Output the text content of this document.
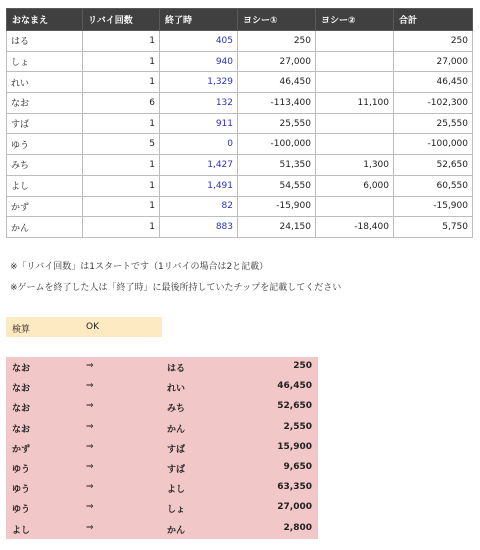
おなまえ	リバイ回数	終了時	ヨシー①	ヨシー②	合計
はる	1	405	250		250
しょ	1	940	27,000		27,000
れい	1	1,329	46,450		46,450
なお	6	132	-113,400	11,100	-102,300
すば	1	911	25,550		25,550
ゆう	5	0	-100,000		-100,000
みち	1	1,427	51,350	1,300	52,650
よし	1	1,491	54,550	6,000	60,550
かず	1	82	-15,900		-15,900
かん	1	883	24,150	-18,400	5,750
※「リバイ回数」は1スタートです（1リバイの場合は2と記載）
※ゲームを終了した人は「終了時」に最後所持していたチップを記載してください
検算	OK
なお	⇒	はる	250
なお	⇒	れい	46,450
なお	⇒	みち	52,650
なお	⇒	かん	2,550
かず	⇒	すば	15,900
ゆう	⇒	すば	9,650
ゆう	⇒	よし	63,350
ゆう	⇒	しょ	27,000
よし	⇒	かん	2,800
